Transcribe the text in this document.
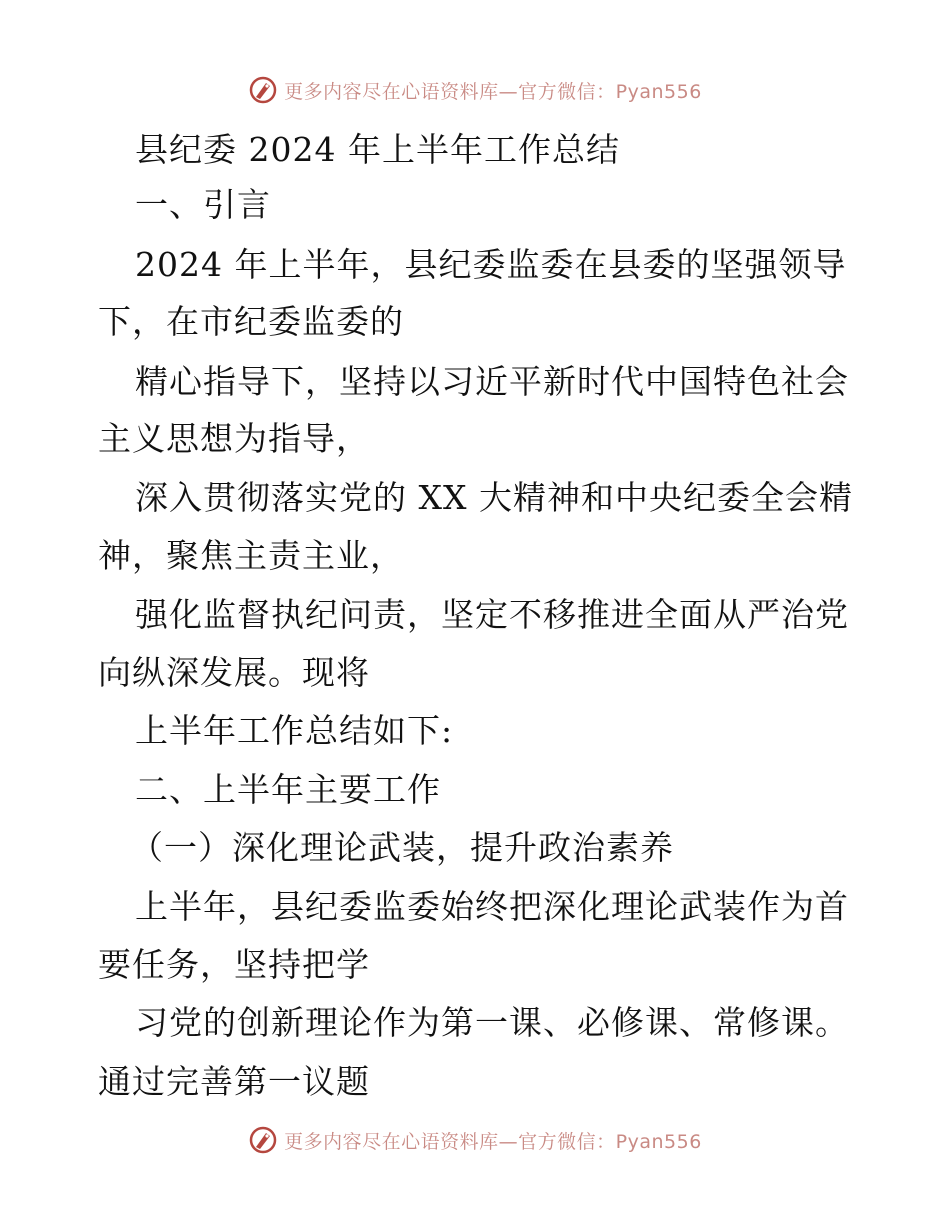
更多内容尽在心语资料库—官方微信：Pyan556
县纪委 2024 年上半年工作总结
一、引言
2024 年上半年，县纪委监委在县委的坚强领导
下，在市纪委监委的
精心指导下，坚持以习近平新时代中国特色社会
主义思想为指导，
深入贯彻落实党的 XX 大精神和中央纪委全会精
神，聚焦主责主业，
强化监督执纪问责，坚定不移推进全面从严治党
向纵深发展。现将
上半年工作总结如下:
二、上半年主要工作
（一）深化理论武装，提升政治素养
上半年，县纪委监委始终把深化理论武装作为首
要任务，坚持把学
习党的创新理论作为第一课、必修课、常修课。
通过完善第一议题
更多内容尽在心语资料库—官方微信：Pyan556
